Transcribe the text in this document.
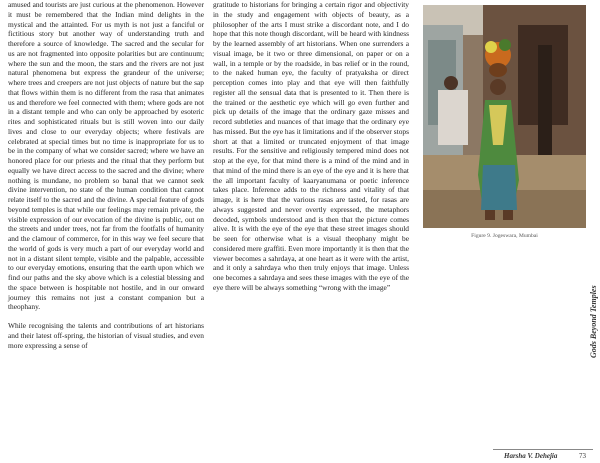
amused and tourists are just curious at the phenomenon. However it must be remembered that the Indian mind delights in the mystical and the attainted. For us myth is not just a fanciful or fictitious story but another way of understanding truth and therefore a source of knowledge. The sacred and the secular for us are not fragmented into opposite polarities but are continuum; where the sun and the moon, the stars and the rivers are not just natural phenomena but express the grandeur of the universe; where trees and creepers are not just objects of nature but the sap that flows within them is no different from the rasa that animates us and therefore we feel connected with them; where gods are not in a distant temple and who can only be approached by esoteric rites and sophisticated rituals but is still woven into our daily lives and close to our everyday objects; where festivals are celebrated at special times but no time is inappropriate for us to be in the company of what we consider sacred; where we have an honored place for our priests and the ritual that they perform but equally we have direct access to the sacred and the divine; where nothing is mundane, no problem so banal that we cannot seek divine intervention, no state of the human condition that cannot relate itself to the sacred and the divine. A special feature of gods beyond temples is that while our feelings may remain private, the visible expression of our evocation of the divine is public, out on the streets and under trees, not far from the footfalls of humanity and the clamour of commerce, for in this way we feel secure that the world of gods is very much a part of our everyday world and not in a distant silent temple, visible and the palpable, accessible to our everyday emotions, ensuring that the earth upon which we find our paths and the sky above which is a celestial blessing and the space between is hospitable not hostile, and in our onward journey this remains not just a constant companion but a theophany.

While recognising the talents and contributions of art historians and their latest off-spring, the historian of visual studies, and even more expressing a sense of

gratitude to historians for bringing a certain rigor and objectivity in the study and engagement with objects of beauty, as a philosopher of the arts I must strike a discordant note, and I do hope that this note though discordant, will be heard with kindness by the learned assembly of art historians. When one surrenders a visual image, be it two or three dimensional, on paper or on a wall, in a temple or by the roadside, in bas relief or in the round, to the naked human eye, the faculty of pratyaksha or direct perception comes into play and that eye will then faithfully register all the sensual data that is presented to it. Then there is the trained or the aesthetic eye which will go even further and pick up details of the image that the ordinary gaze misses and record subtleties and nuances of that image that the ordinary eye has missed. But the eye has it limitations and if the observer stops short at that a limited or truncated enjoyment of that image results. For the sensitive and religiously tempered mind does not stop at the eye, for that mind there is a mind of the mind and in that mind of the mind there is an eye of the eye and it is here that the all important faculty of kaaryanumana or poetic inference takes place. Inference adds to the richness and vitality of that image, it is here that the various rasas are tasted, for rasas are always suggested and never overtly expressed, the metaphors decoded, symbols understood and is then that the picture comes alive. It is with the eye of the eye that these street images should be seen for otherwise what is a visual theophany might be considered mere graffiti. Even more importantly it is then that the viewer becomes a sahrdaya, at one heart as it were with the artist, and it only a sahrdaya who then truly enjoys that image. Unless one becomes a sahrdaya and sees these images with the eye of the eye there will be always something “wrong with the image”

Figure 9. Jogeswara, Mumbai
Gods Beyond Temples
Harsha V. Dehejia	73
